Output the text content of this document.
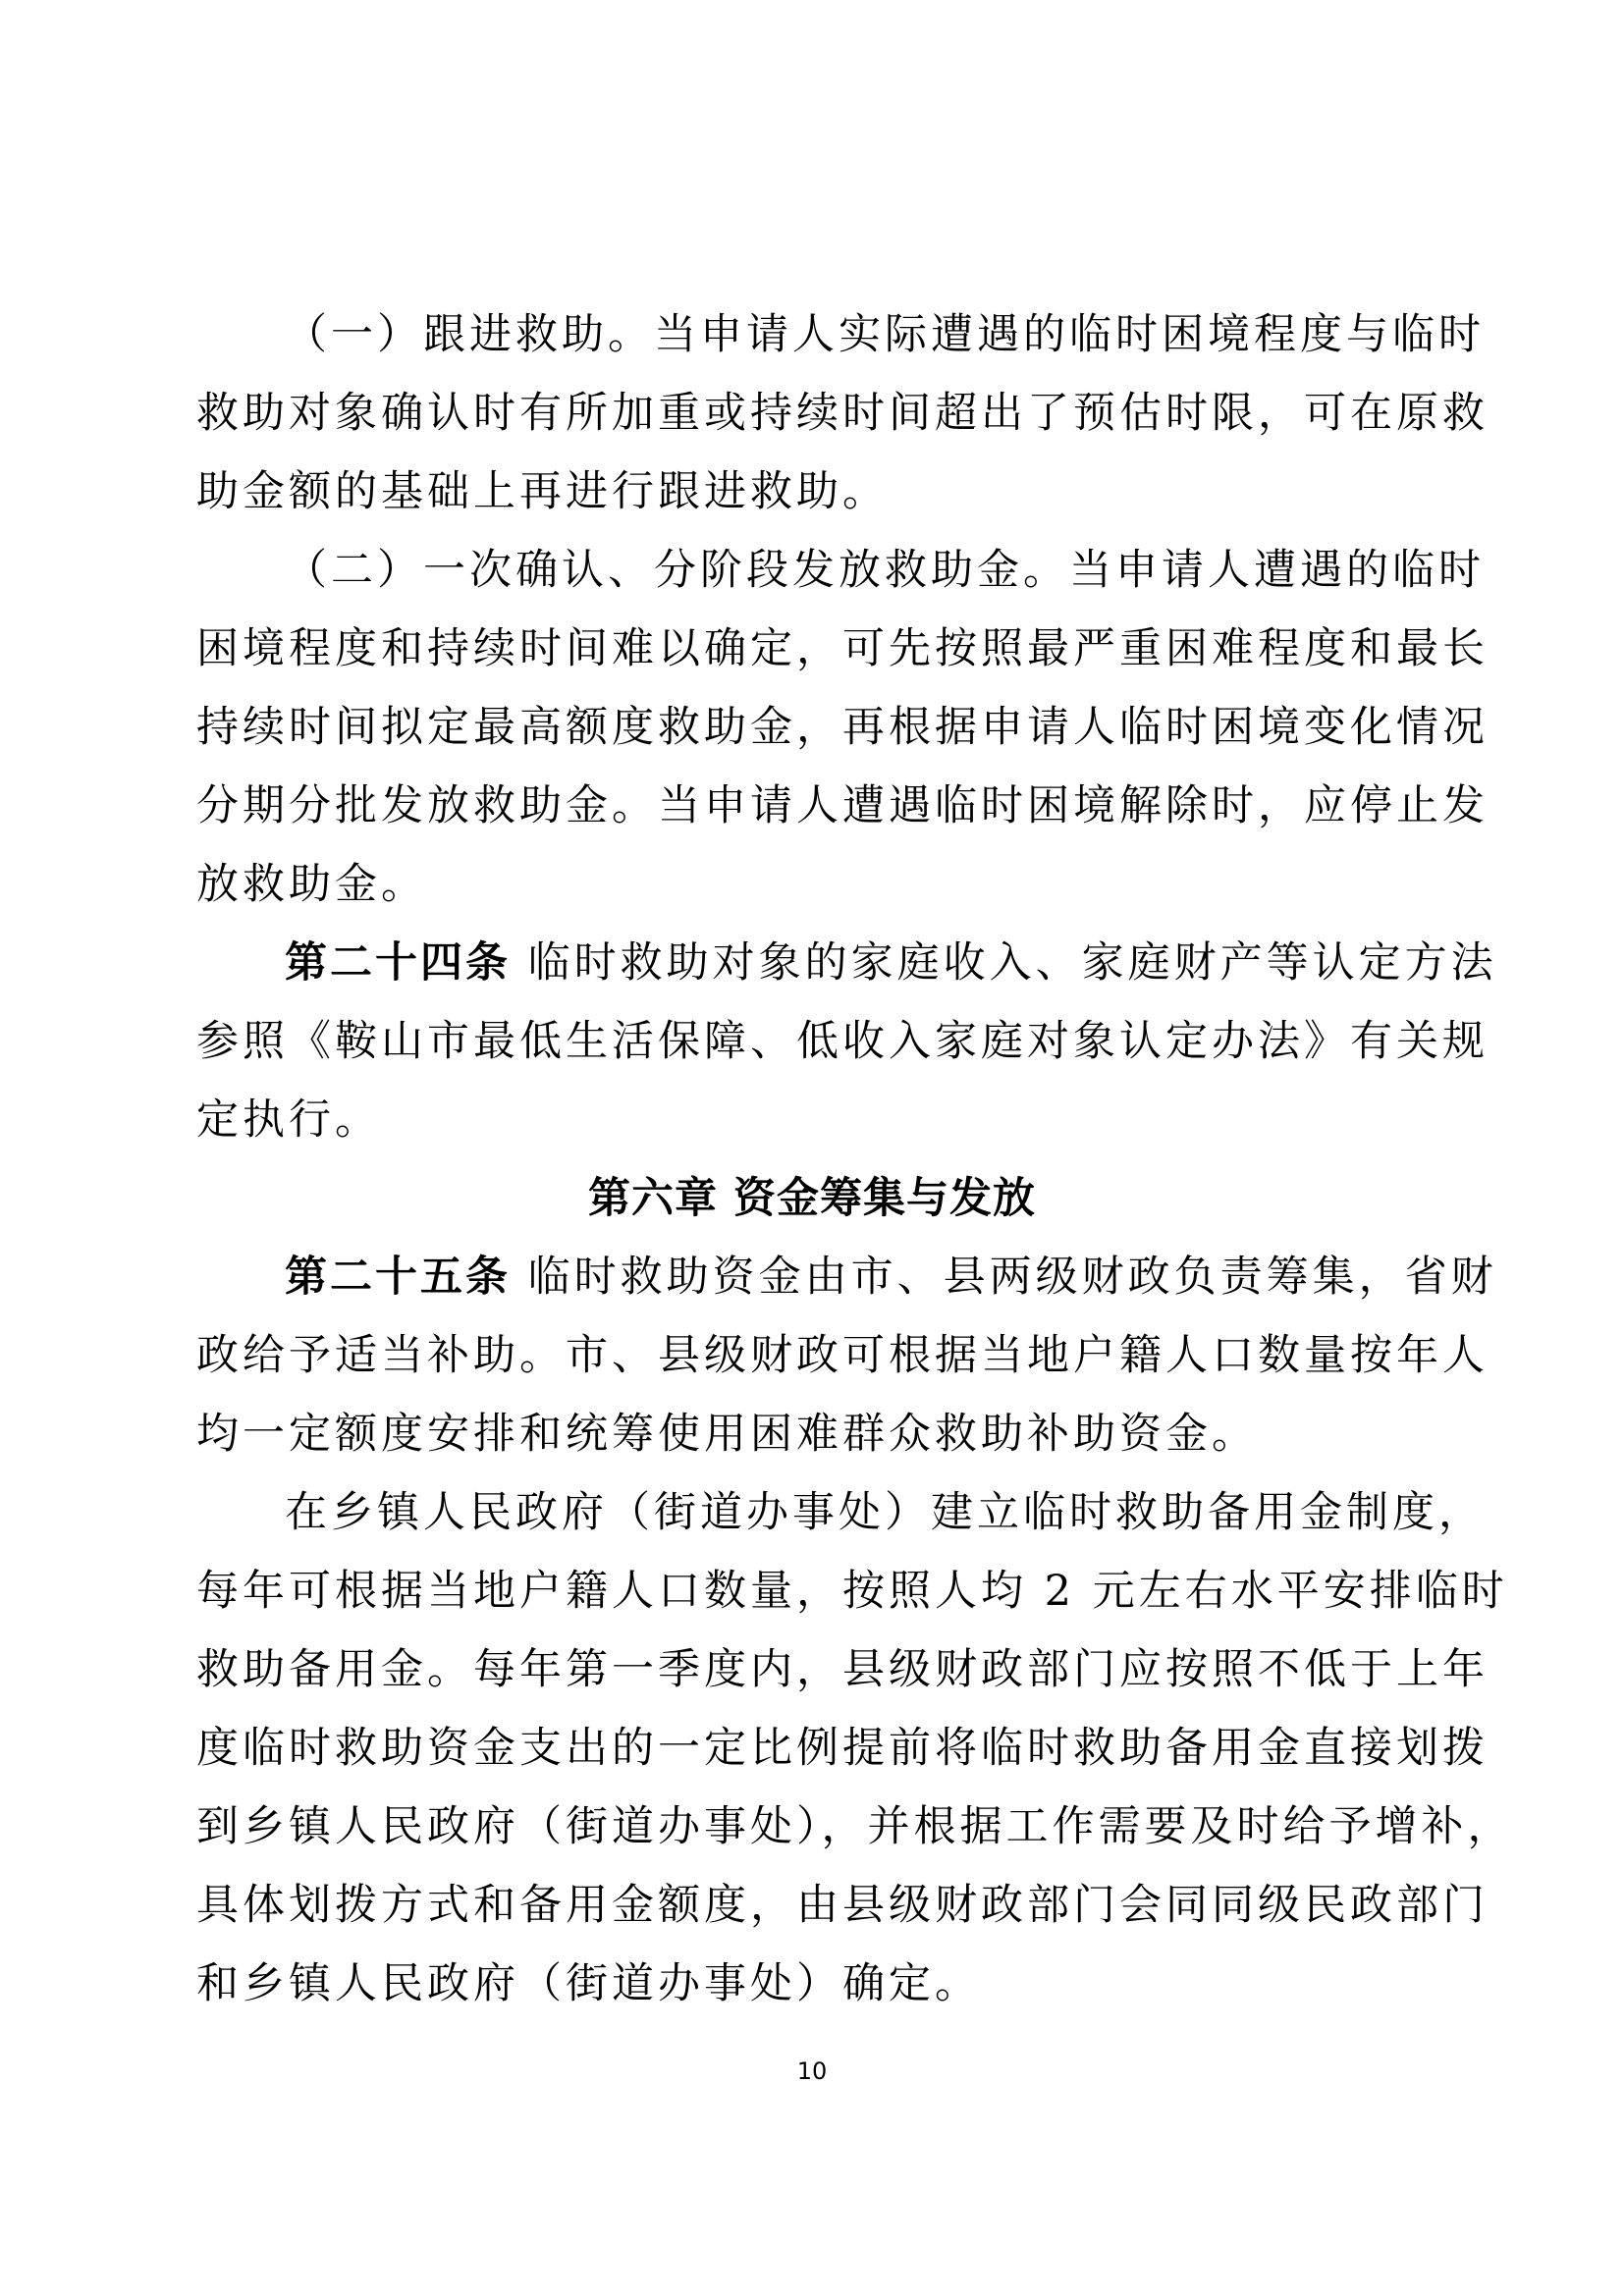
（一）跟进救助。当申请人实际遭遇的临时困境程度与临时
救助对象确认时有所加重或持续时间超出了预估时限，可在原救
助金额的基础上再进行跟进救助。
（二）一次确认、分阶段发放救助金。当申请人遭遇的临时
困境程度和持续时间难以确定，可先按照最严重困难程度和最长
持续时间拟定最高额度救助金，再根据申请人临时困境变化情况
分期分批发放救助金。当申请人遭遇临时困境解除时，应停止发
放救助金。
第二十四条 临时救助对象的家庭收入、家庭财产等认定方法
参照《鞍山市最低生活保障、低收入家庭对象认定办法》有关规
定执行。
第六章 资金筹集与发放
第二十五条 临时救助资金由市、县两级财政负责筹集，省财
政给予适当补助。市、县级财政可根据当地户籍人口数量按年人
均一定额度安排和统筹使用困难群众救助补助资金。
在乡镇人民政府（街道办事处）建立临时救助备用金制度，
每年可根据当地户籍人口数量，按照人均 2 元左右水平安排临时
救助备用金。每年第一季度内，县级财政部门应按照不低于上年
度临时救助资金支出的一定比例提前将临时救助备用金直接划拨
到乡镇人民政府（街道办事处），并根据工作需要及时给予增补，
具体划拨方式和备用金额度，由县级财政部门会同同级民政部门
和乡镇人民政府（街道办事处）确定。
10
